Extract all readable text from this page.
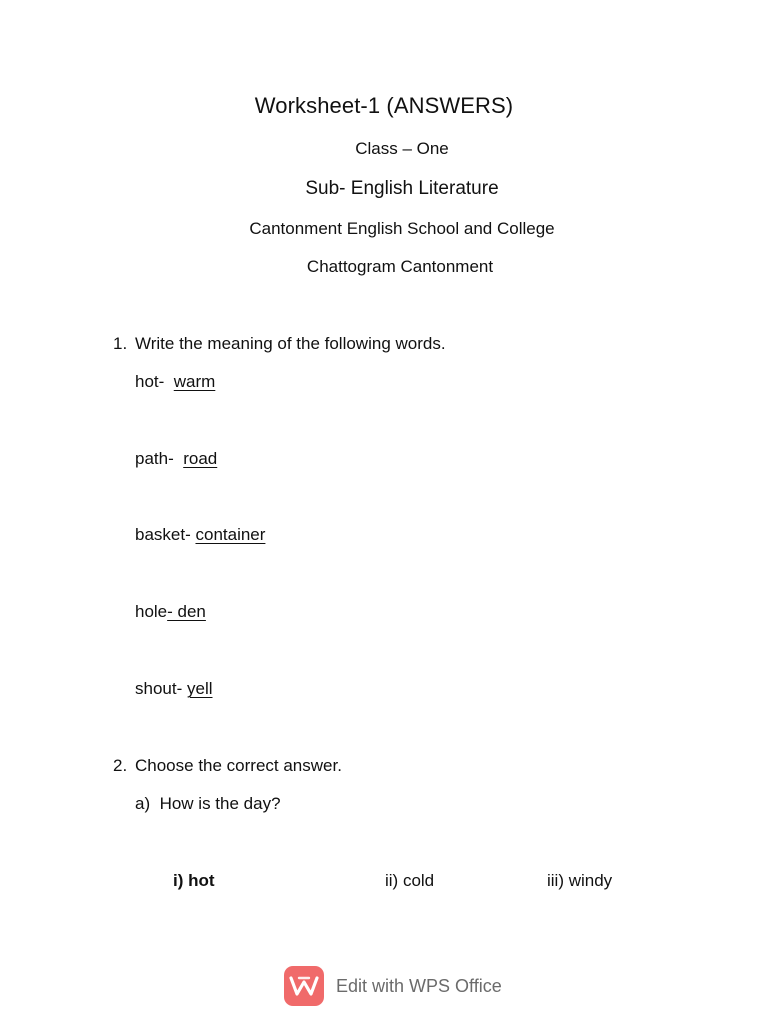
Worksheet-1 (ANSWERS)
Class – One
Sub- English Literature
Cantonment English School and College
Chattogram Cantonment
1. Write the meaning of the following words.
hot- warm
path- road
basket- container
hole- den
shout- yell
2. Choose the correct answer.
a) How is the day?
i) hot	ii) cold	iii) windy
Edit with WPS Office
